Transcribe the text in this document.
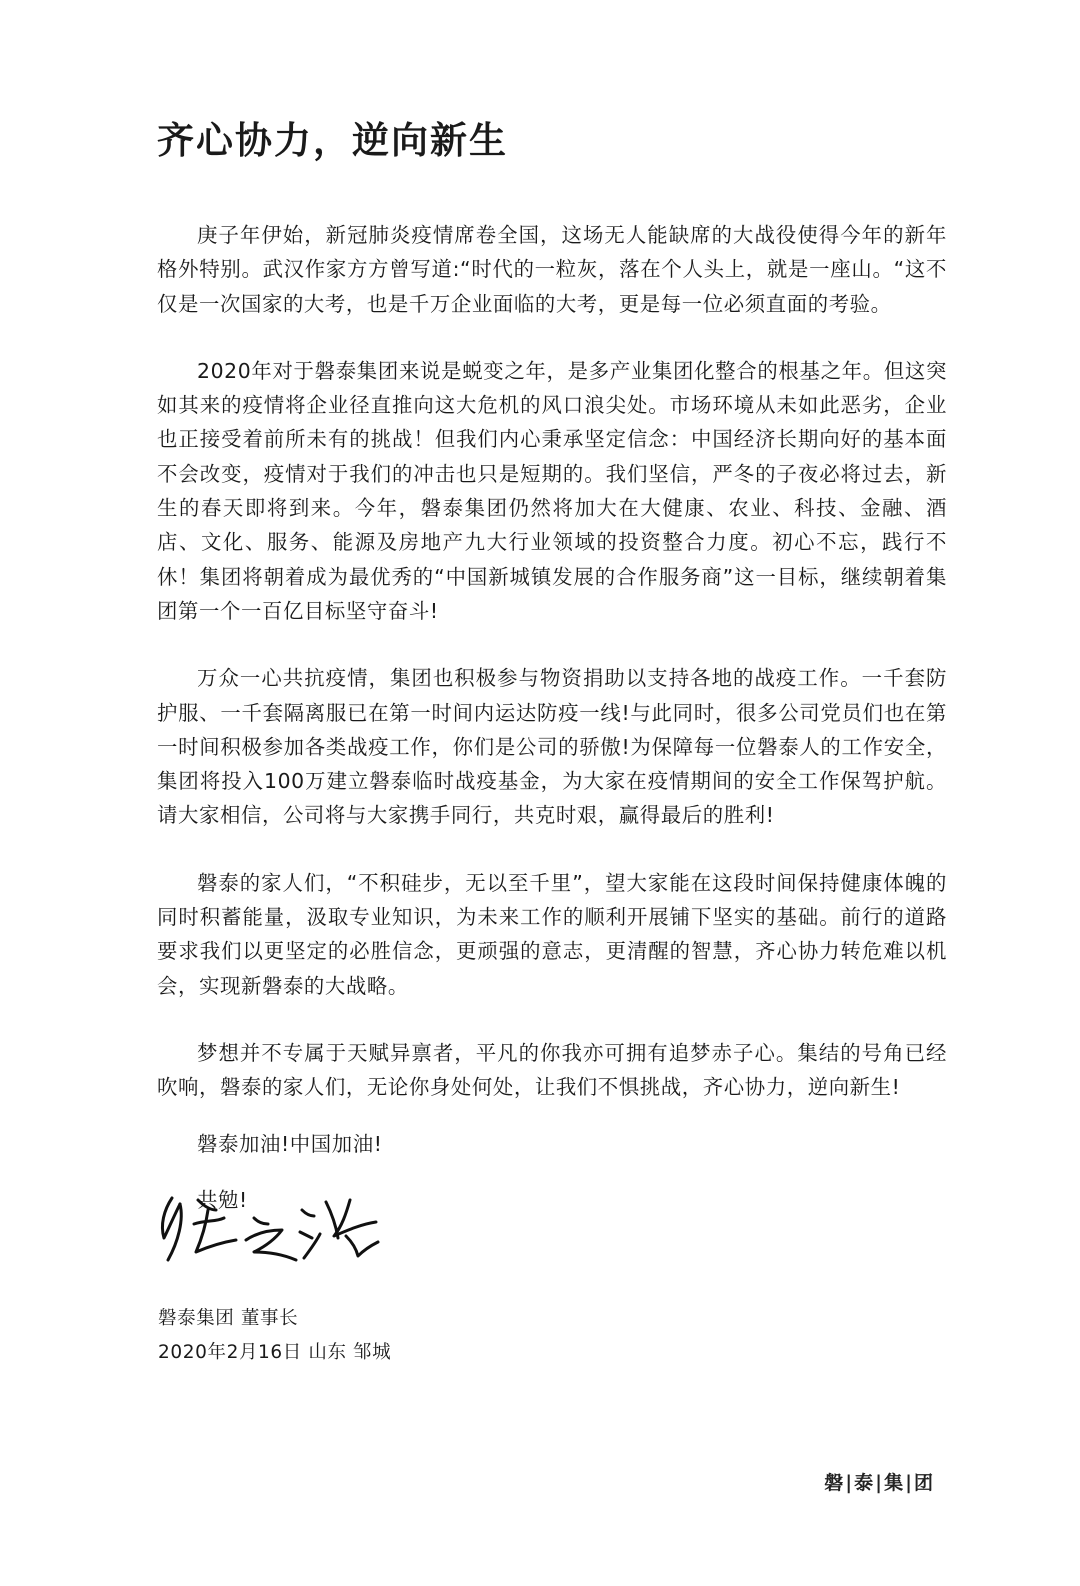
齐心协力，逆向新生

庚子年伊始，新冠肺炎疫情席卷全国，这场无人能缺席的大战役使得今年的新年格外特别。武汉作家方方曾写道:“时代的一粒灰，落在个人头上，就是一座山。“这不仅是一次国家的大考，也是千万企业面临的大考，更是每一位必须直面的考验。

2020年对于磐泰集团来说是蜕变之年，是多产业集团化整合的根基之年。但这突如其来的疫情将企业径直推向这大危机的风口浪尖处。市场环境从未如此恶劣，企业也正接受着前所未有的挑战！但我们内心秉承坚定信念：中国经济长期向好的基本面不会改变，疫情对于我们的冲击也只是短期的。我们坚信，严冬的子夜必将过去，新生的春天即将到来。今年，磐泰集团仍然将加大在大健康、农业、科技、金融、酒店、文化、服务、能源及房地产九大行业领域的投资整合力度。初心不忘，践行不休！集团将朝着成为最优秀的“中国新城镇发展的合作服务商”这一目标，继续朝着集团第一个一百亿目标坚守奋斗!

万众一心共抗疫情，集团也积极参与物资捐助以支持各地的战疫工作。一千套防护服、一千套隔离服已在第一时间内运达防疫一线!与此同时，很多公司党员们也在第一时间积极参加各类战疫工作，你们是公司的骄傲!为保障每一位磐泰人的工作安全，集团将投入100万建立磐泰临时战疫基金，为大家在疫情期间的安全工作保驾护航。请大家相信，公司将与大家携手同行，共克时艰，赢得最后的胜利!

磐泰的家人们，“不积硅步，无以至千里”，望大家能在这段时间保持健康体魄的同时积蓄能量，汲取专业知识，为未来工作的顺利开展铺下坚实的基础。前行的道路要求我们以更坚定的必胜信念，更顽强的意志，更清醒的智慧，齐心协力转危难以机会，实现新磐泰的大战略。

梦想并不专属于天赋异禀者，平凡的你我亦可拥有追梦赤子心。集结的号角已经吹响，磐泰的家人们，无论你身处何处，让我们不惧挑战，齐心协力，逆向新生!

磐泰加油!中国加油!

共勉!

磐泰集团 董事长
2020年2月16日 山东 邹城
磐|泰|集|团
